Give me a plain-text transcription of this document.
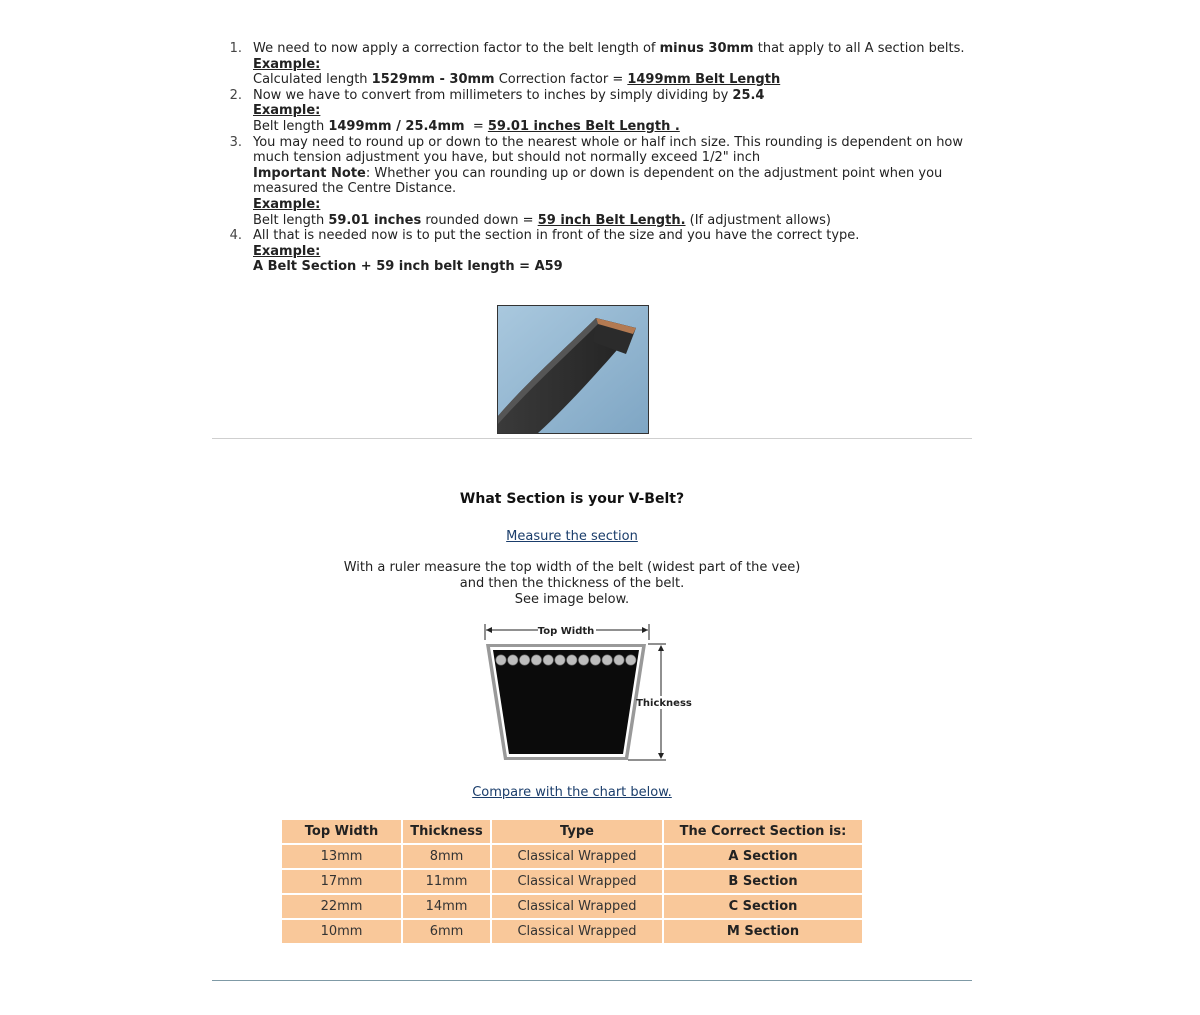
1. We need to now apply a correction factor to the belt length of minus 30mm that apply to all A section belts.
Example:
Calculated length 1529mm - 30mm Correction factor = 1499mm Belt Length
2. Now we have to convert from millimeters to inches by simply dividing by 25.4
Example:
Belt length 1499mm / 25.4mm  = 59.01 inches Belt Length .
3. You may need to round up or down to the nearest whole or half inch size. This rounding is dependent on how
much tension adjustment you have, but should not normally exceed 1/2" inch
Important Note: Whether you can rounding up or down is dependent on the adjustment point when you
measured the Centre Distance.
Example:
Belt length 59.01 inches rounded down = 59 inch Belt Length. (If adjustment allows)
4. All that is needed now is to put the section in front of the size and you have the correct type.
Example:
A Belt Section + 59 inch belt length = A59
What Section is your V-Belt?
Measure the section
With a ruler measure the top width of the belt (widest part of the vee)
and then the thickness of the belt.
See image below.
Top Width
Thickness
Compare with the chart below.
Top Width	Thickness	Type	The Correct Section is:
13mm	8mm	Classical Wrapped	A Section
17mm	11mm	Classical Wrapped	B Section
22mm	14mm	Classical Wrapped	C Section
10mm	6mm	Classical Wrapped	M Section
